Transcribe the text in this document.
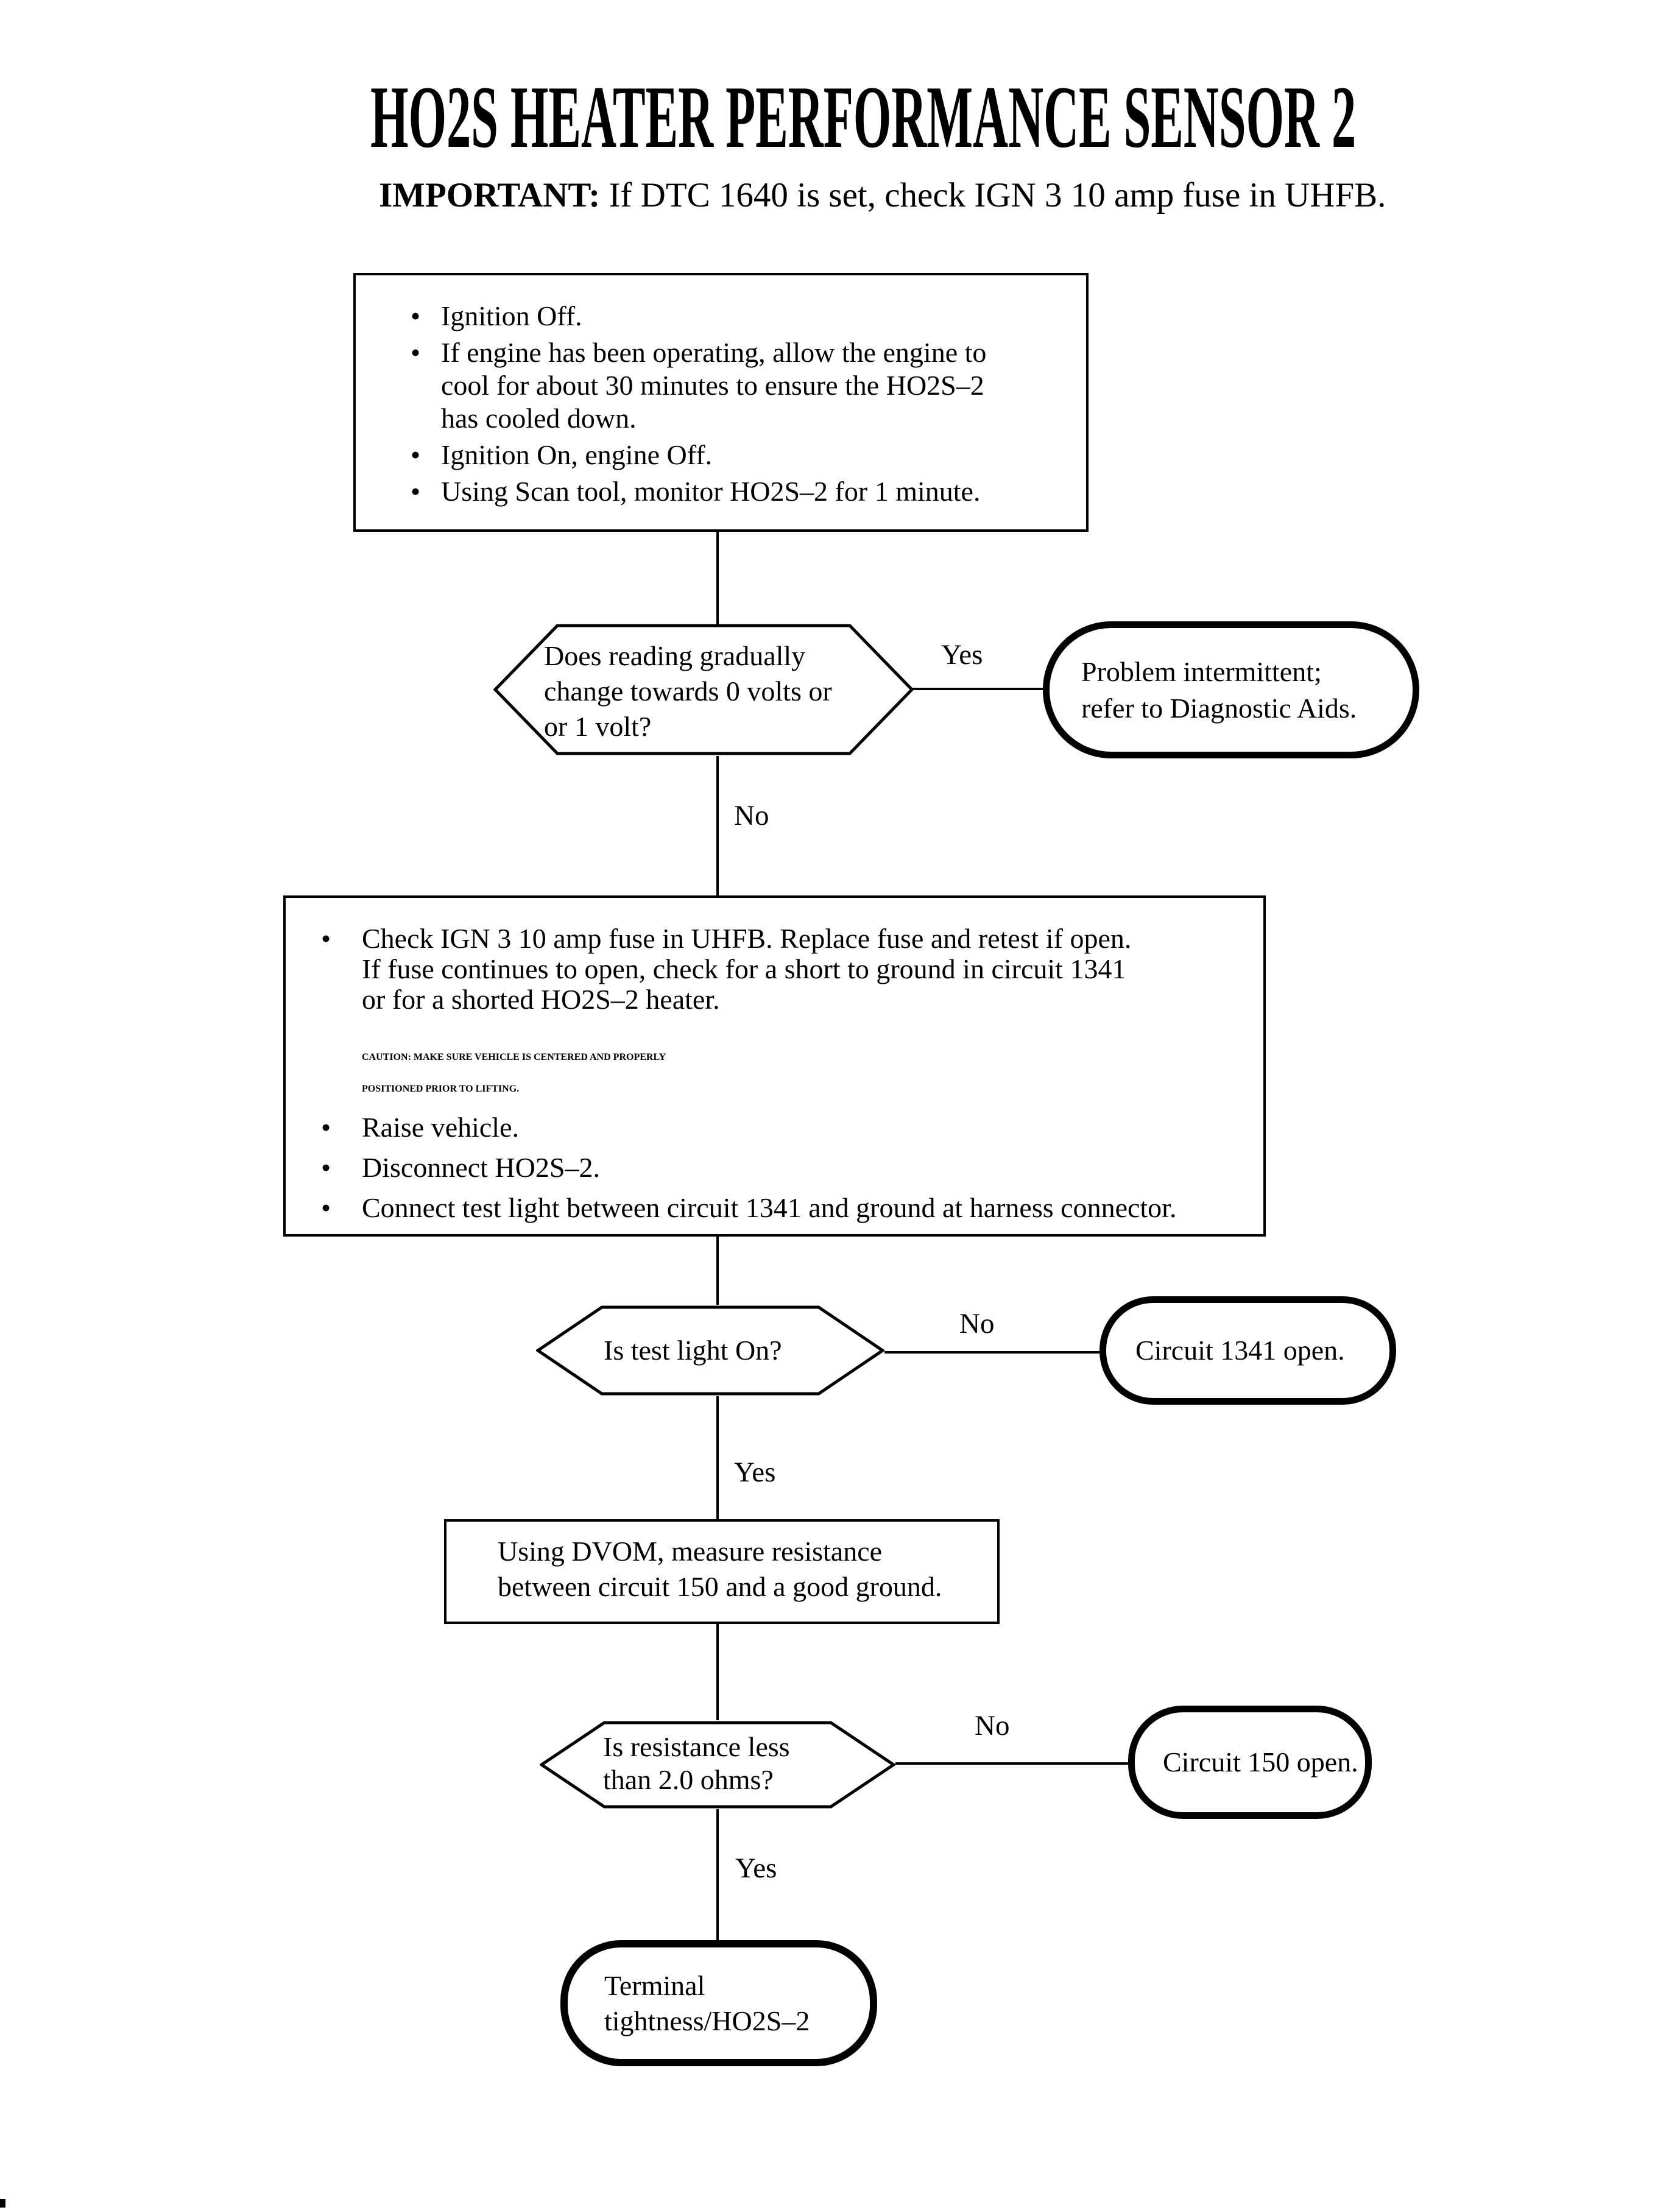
HO2S HEATER PERFORMANCE SENSOR 2
IMPORTANT: If DTC 1640 is set, check IGN 3 10 amp fuse in UHFB.
Ignition Off.
If engine has been operating, allow the engine to
cool for about 30 minutes to ensure the HO2S–2
has cooled down.
Ignition On, engine Off.
Using Scan tool, monitor HO2S–2 for 1 minute.
Does reading gradually
change towards 0 volts or
or 1 volt?
Yes
No
Problem intermittent;
refer to Diagnostic Aids.
Check IGN 3 10 amp fuse in UHFB. Replace fuse and retest if open.
If fuse continues to open, check for a short to ground in circuit 1341
or for a shorted HO2S–2 heater.
CAUTION: MAKE SURE VEHICLE IS CENTERED AND PROPERLY
POSITIONED PRIOR TO LIFTING.
Raise vehicle.
Disconnect HO2S–2.
Connect test light between circuit 1341 and ground at harness connector.
Is test light On?
No
Yes
Circuit 1341 open.
Using DVOM, measure resistance
between circuit 150 and a good ground.
Is resistance less
than 2.0 ohms?
No
Yes
Circuit 150 open.
Terminal
tightness/HO2S–2
